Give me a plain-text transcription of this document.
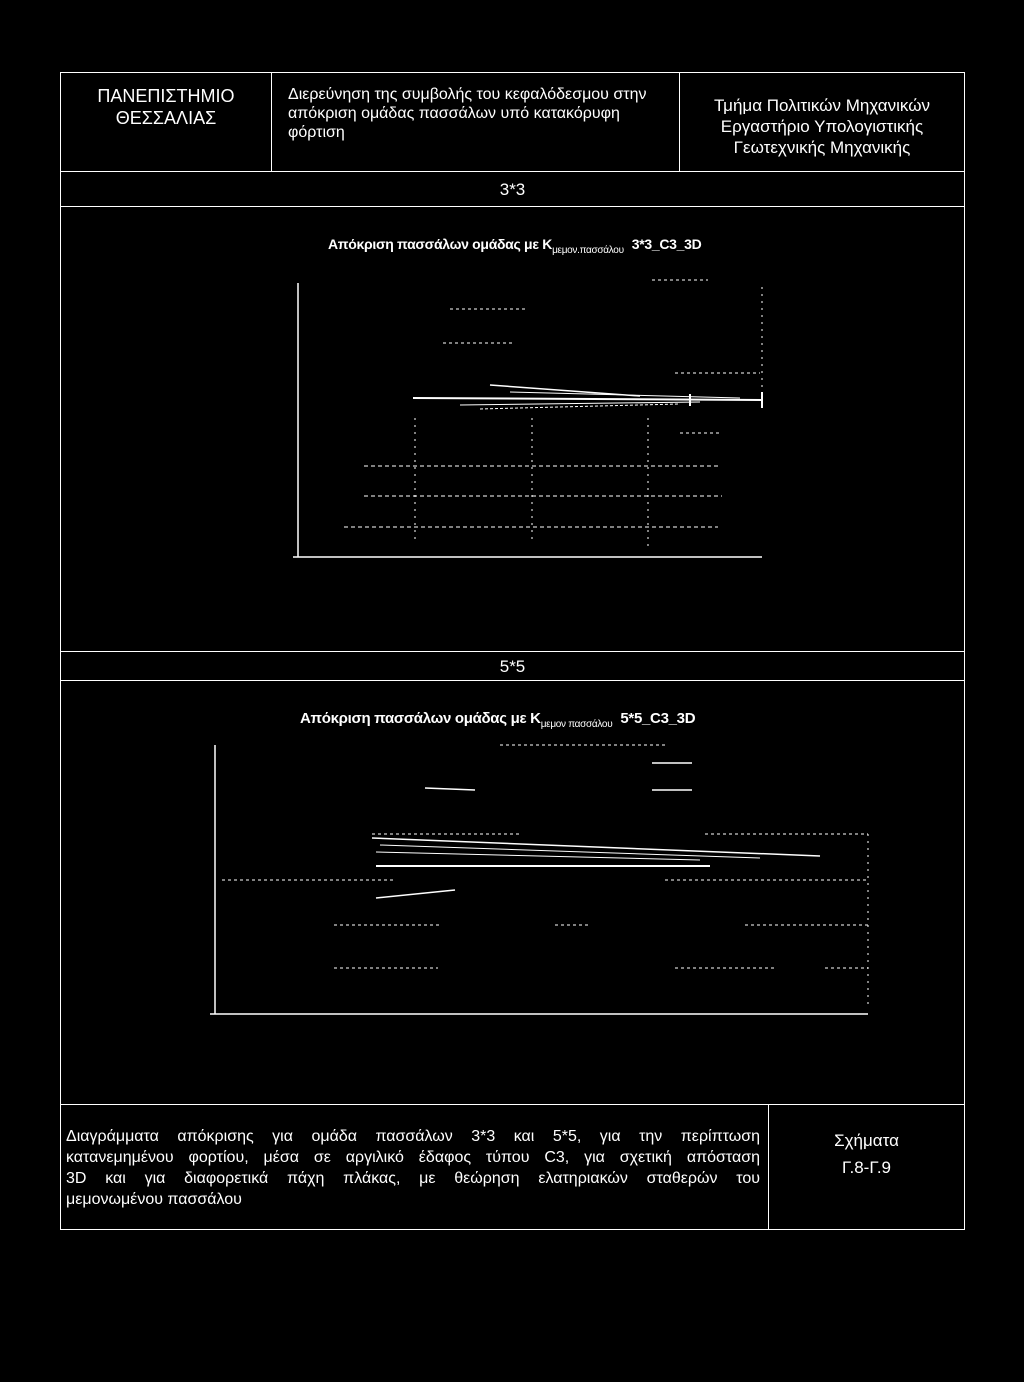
ΠΑΝΕΠΙΣΤΗΜΙΟ
ΘΕΣΣΑΛΙΑΣ
Διερεύνηση της συμβολής του κεφαλόδεσμου στην
απόκριση ομάδας πασσάλων υπό κατακόρυφη
φόρτιση
Τμήμα Πολιτικών Μηχανικών
Εργαστήριο Υπολογιστικής
Γεωτεχνικής Μηχανικής
3*3
Απόκριση πασσάλων ομάδας με $K_{\mu\varepsilon\mu o\nu.\pi\alpha\sigma\sigma ά\lambda o\upsilon}$ 3*3_C3_3D
5*5
Απόκριση πασσάλων ομάδας με $K_{\mu\varepsilon\mu o\nu \pi\alpha\sigma\sigma ά\lambda o\upsilon}$ 5*5_C3_3D
Διαγράμματα απόκρισης για ομάδα πασσάλων 3*3 και 5*5, για την περίπτωση
κατανεμημένου φορτίου, μέσα σε αργιλικό έδαφος τύπου C3, για σχετική απόσταση
3D και για διαφορετικά πάχη πλάκας, με θεώρηση ελατηριακών σταθερών του
μεμονωμένου πασσάλου
Σχήματα
Γ.8-Γ.9
